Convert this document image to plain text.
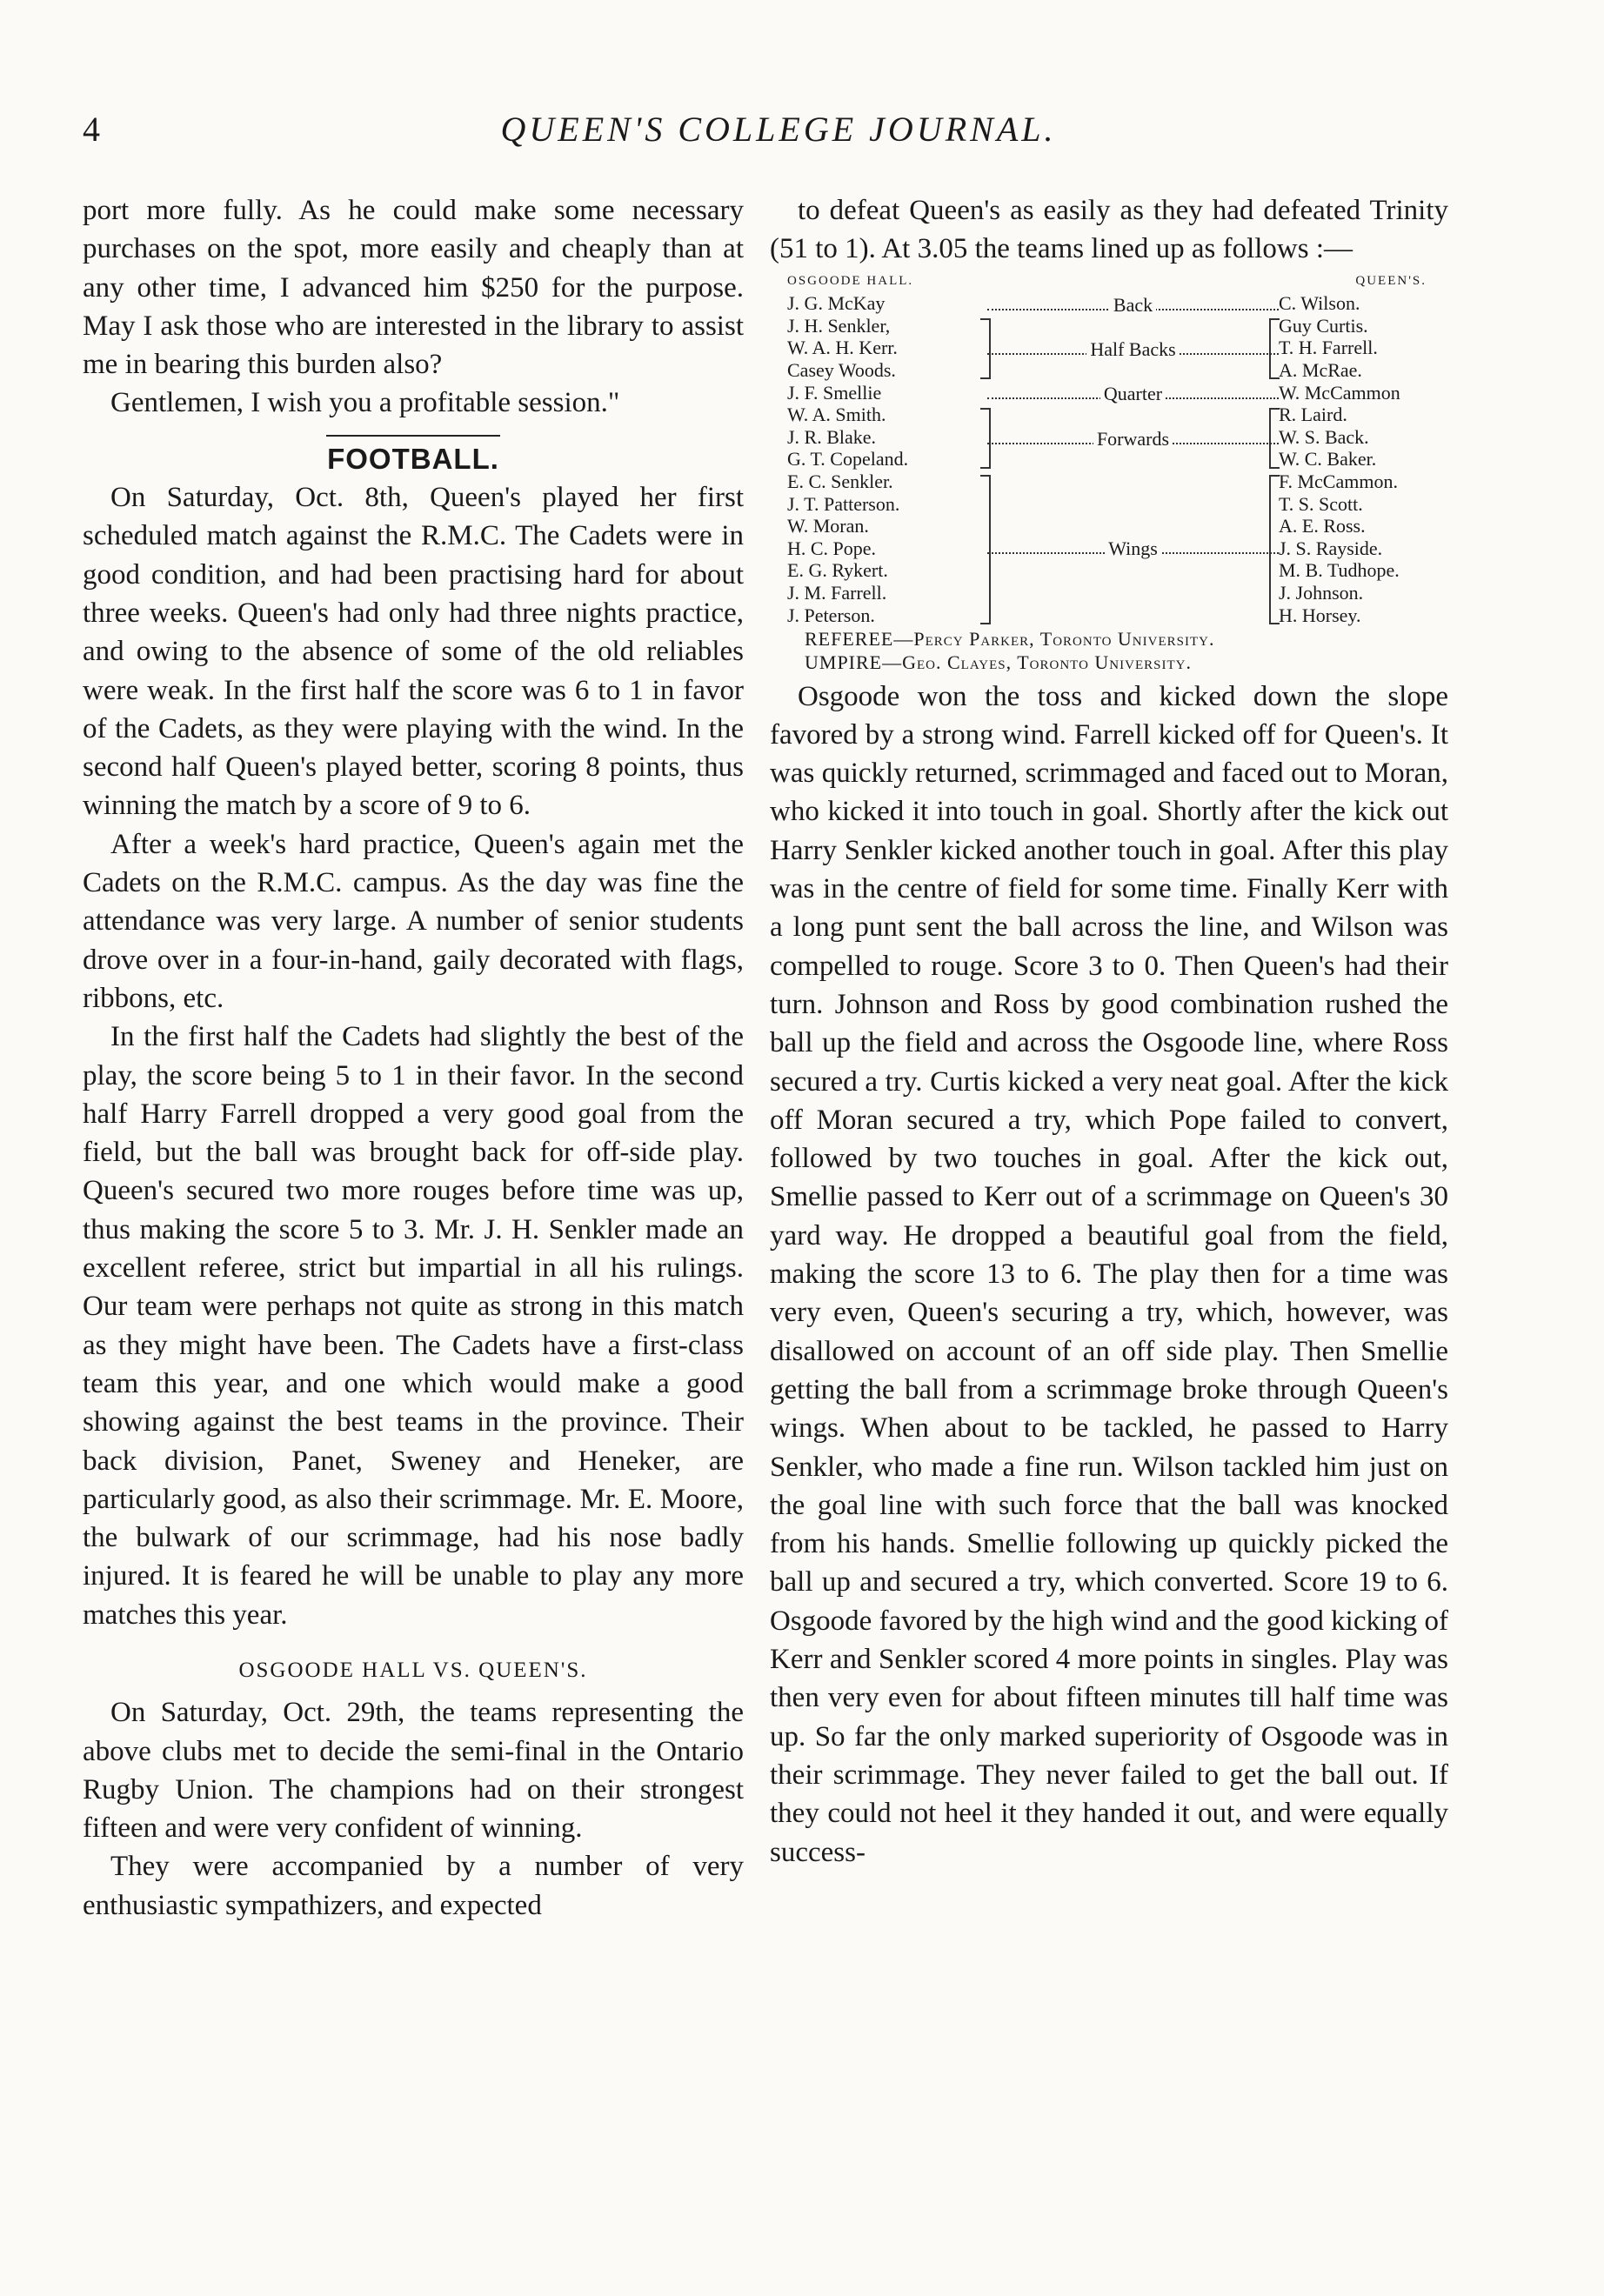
4	QUEEN'S COLLEGE JOURNAL.

port more fully. As he could make some necessary purchases on the spot, more easily and cheaply than at any other time, I advanced him $250 for the purpose. May I ask those who are interested in the library to assist me in bearing this burden also?

Gentlemen, I wish you a profitable session."

FOOTBALL.

On Saturday, Oct. 8th, Queen's played her first scheduled match against the R.M.C. The Cadets were in good condition, and had been practising hard for about three weeks. Queen's had only had three nights practice, and owing to the absence of some of the old reliables were weak. In the first half the score was 6 to 1 in favor of the Cadets, as they were playing with the wind. In the second half Queen's played better, scoring 8 points, thus winning the match by a score of 9 to 6.

After a week's hard practice, Queen's again met the Cadets on the R.M.C. campus. As the day was fine the attendance was very large. A number of senior students drove over in a four-in-hand, gaily decorated with flags, ribbons, etc.

In the first half the Cadets had slightly the best of the play, the score being 5 to 1 in their favor. In the second half Harry Farrell dropped a very good goal from the field, but the ball was brought back for off-side play. Queen's secured two more rouges before time was up, thus making the score 5 to 3. Mr. J. H. Senkler made an excellent referee, strict but impartial in all his rulings. Our team were perhaps not quite as strong in this match as they might have been. The Cadets have a first-class team this year, and one which would make a good showing against the best teams in the province. Their back division, Panet, Sweney and Heneker, are particularly good, as also their scrimmage. Mr. E. Moore, the bulwark of our scrimmage, had his nose badly injured. It is feared he will be unable to play any more matches this year.

OSGOODE HALL VS. QUEEN'S.

On Saturday, Oct. 29th, the teams representing the above clubs met to decide the semi-final in the Ontario Rugby Union. The champions had on their strongest fifteen and were very confident of winning.

They were accompanied by a number of very enthusiastic sympathizers, and expected

to defeat Queen's as easily as they had defeated Trinity (51 to 1). At 3.05 the teams lined up as follows :—

OSGOODE HALL.
J. G. McKay
J. H. Senkler,
W. A. H. Kerr.
Casey Woods.
J. F. Smellie
W. A. Smith.
J. R. Blake.
G. T. Copeland.
E. C. Senkler.
J. T. Patterson.
W. Moran.
H. C. Pope.
E. G. Rykert.
J. M. Farrell.
J. Peterson.
Back
Half Backs
Quarter
Forwards
Wings
QUEEN'S.
C. Wilson.
Guy Curtis.
T. H. Farrell.
A. McRae.
W. McCammon
R. Laird.
W. S. Back.
W. C. Baker.
F. McCammon.
T. S. Scott.
A. E. Ross.
J. S. Rayside.
M. B. Tudhope.
J. Johnson.
H. Horsey.
REFEREE—Percy Parker, Toronto University.
UMPIRE—Geo. Clayes, Toronto University.

Osgoode won the toss and kicked down the slope favored by a strong wind. Farrell kicked off for Queen's. It was quickly returned, scrimmaged and faced out to Moran, who kicked it into touch in goal. Shortly after the kick out Harry Senkler kicked another touch in goal. After this play was in the centre of field for some time. Finally Kerr with a long punt sent the ball across the line, and Wilson was compelled to rouge. Score 3 to 0. Then Queen's had their turn. Johnson and Ross by good combination rushed the ball up the field and across the Osgoode line, where Ross secured a try. Curtis kicked a very neat goal. After the kick off Moran secured a try, which Pope failed to convert, followed by two touches in goal. After the kick out, Smellie passed to Kerr out of a scrimmage on Queen's 30 yard way. He dropped a beautiful goal from the field, making the score 13 to 6. The play then for a time was very even, Queen's securing a try, which, however, was disallowed on account of an off side play. Then Smellie getting the ball from a scrimmage broke through Queen's wings. When about to be tackled, he passed to Harry Senkler, who made a fine run. Wilson tackled him just on the goal line with such force that the ball was knocked from his hands. Smellie following up quickly picked the ball up and secured a try, which converted. Score 19 to 6. Osgoode favored by the high wind and the good kicking of Kerr and Senkler scored 4 more points in singles. Play was then very even for about fifteen minutes till half time was up. So far the only marked superiority of Osgoode was in their scrimmage. They never failed to get the ball out. If they could not heel it they handed it out, and were equally success-
